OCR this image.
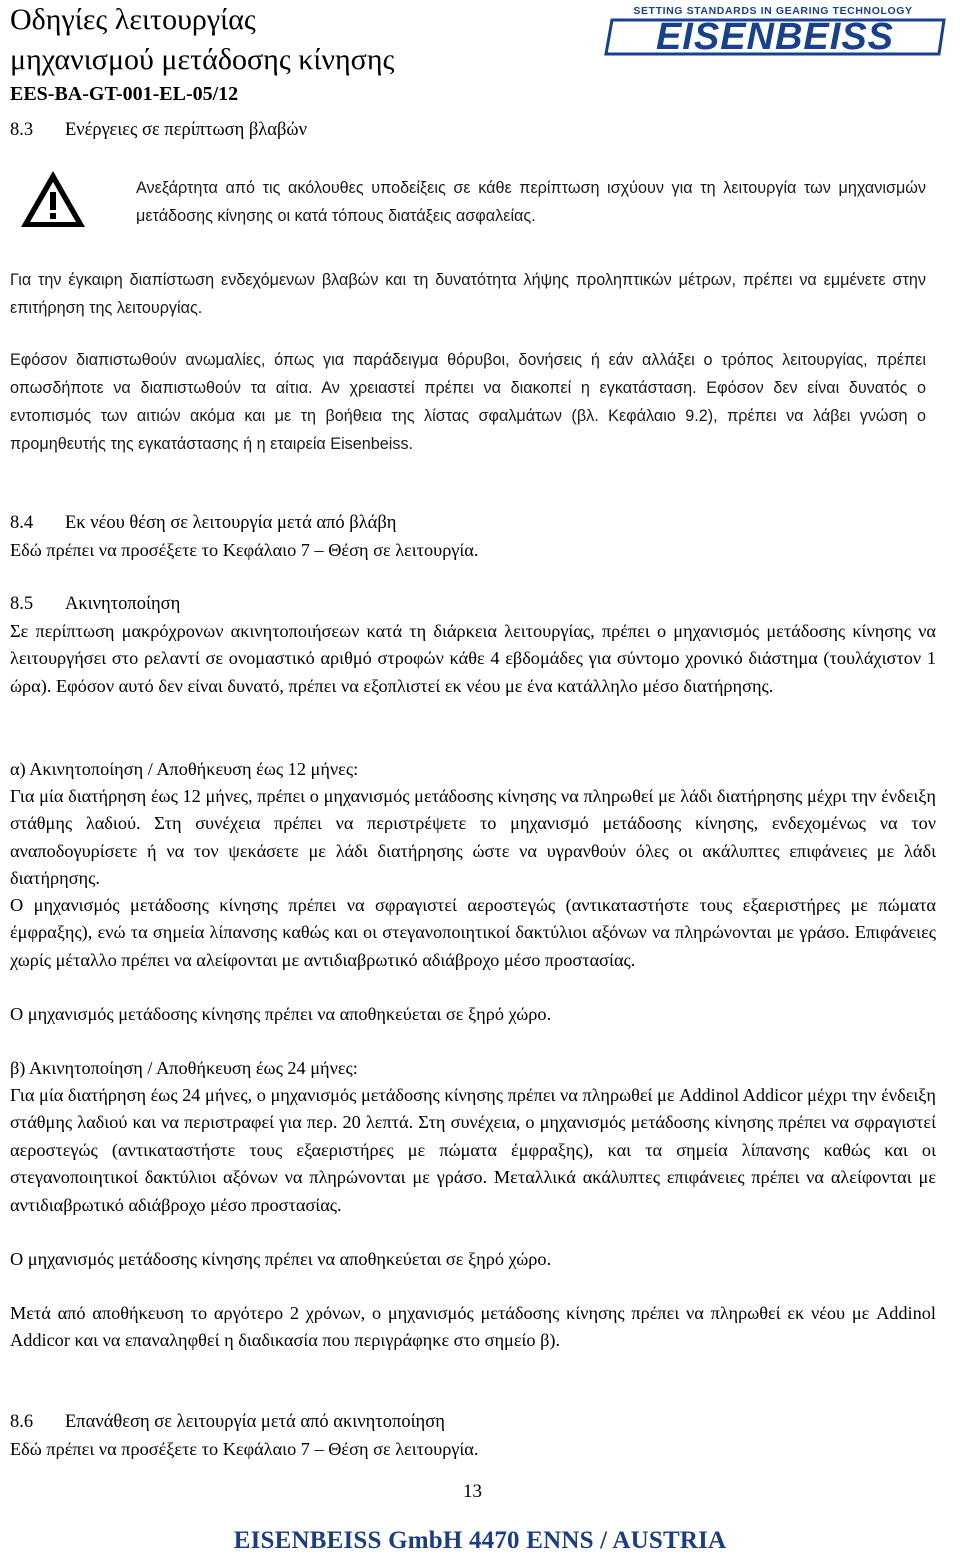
Οδηγίες λειτουργίας
μηχανισμού μετάδοσης κίνησης
EES-BA-GT-001-EL-05/12
SETTING STANDARDS IN GEARING TECHNOLOGY
EISENBEISS
8.3 Ενέργειες σε περίπτωση βλαβών
Ανεξάρτητα από τις ακόλουθες υποδείξεις σε κάθε περίπτωση ισχύουν για τη λειτουργία των μηχανισμών μετάδοσης κίνησης οι κατά τόπους διατάξεις ασφαλείας.
Για την έγκαιρη διαπίστωση ενδεχόμενων βλαβών και τη δυνατότητα λήψης προληπτικών μέτρων, πρέπει να εμμένετε στην επιτήρηση της λειτουργίας.
Εφόσον διαπιστωθούν ανωμαλίες, όπως για παράδειγμα θόρυβοι, δονήσεις ή εάν αλλάξει ο τρόπος λειτουργίας, πρέπει οπωσδήποτε να διαπιστωθούν τα αίτια. Αν χρειαστεί πρέπει να διακοπεί η εγκατάσταση. Εφόσον δεν είναι δυνατός ο εντοπισμός των αιτιών ακόμα και με τη βοήθεια της λίστας σφαλμάτων (βλ. Κεφάλαιο 9.2), πρέπει να λάβει γνώση ο προμηθευτής της εγκατάστασης ή η εταιρεία Eisenbeiss.
8.4 Εκ νέου θέση σε λειτουργία μετά από βλάβη
Εδώ πρέπει να προσέξετε το Κεφάλαιο 7 – Θέση σε λειτουργία.
8.5 Ακινητοποίηση
Σε περίπτωση μακρόχρονων ακινητοποιήσεων κατά τη διάρκεια λειτουργίας, πρέπει ο μηχανισμός μετάδοσης κίνησης να λειτουργήσει στο ρελαντί σε ονομαστικό αριθμό στροφών κάθε 4 εβδομάδες για σύντομο χρονικό διάστημα (τουλάχιστον 1 ώρα). Εφόσον αυτό δεν είναι δυνατό, πρέπει να εξοπλιστεί εκ νέου με ένα κατάλληλο μέσο διατήρησης.
α) Ακινητοποίηση / Αποθήκευση έως 12 μήνες:
Για μία διατήρηση έως 12 μήνες, πρέπει ο μηχανισμός μετάδοσης κίνησης να πληρωθεί με λάδι διατήρησης μέχρι την ένδειξη στάθμης λαδιού. Στη συνέχεια πρέπει να περιστρέψετε το μηχανισμό μετάδοσης κίνησης, ενδεχομένως να τον αναποδογυρίσετε ή να τον ψεκάσετε με λάδι διατήρησης ώστε να υγρανθούν όλες οι ακάλυπτες επιφάνειες με λάδι διατήρησης.
Ο μηχανισμός μετάδοσης κίνησης πρέπει να σφραγιστεί αεροστεγώς (αντικαταστήστε τους εξαεριστήρες με πώματα έμφραξης), ενώ τα σημεία λίπανσης καθώς και οι στεγανοποιητικοί δακτύλιοι αξόνων να πληρώνονται με γράσο. Επιφάνειες χωρίς μέταλλο πρέπει να αλείφονται με αντιδιαβρωτικό αδιάβροχο μέσο προστασίας.
Ο μηχανισμός μετάδοσης κίνησης πρέπει να αποθηκεύεται σε ξηρό χώρο.
β) Ακινητοποίηση / Αποθήκευση έως 24 μήνες:
Για μία διατήρηση έως 24 μήνες, ο μηχανισμός μετάδοσης κίνησης πρέπει να πληρωθεί με Addinol Addicor μέχρι την ένδειξη στάθμης λαδιού και να περιστραφεί για περ. 20 λεπτά. Στη συνέχεια, ο μηχανισμός μετάδοσης κίνησης πρέπει να σφραγιστεί αεροστεγώς (αντικαταστήστε τους εξαεριστήρες με πώματα έμφραξης), και τα σημεία λίπανσης καθώς και οι στεγανοποιητικοί δακτύλιοι αξόνων να πληρώνονται με γράσο. Μεταλλικά ακάλυπτες επιφάνειες πρέπει να αλείφονται με αντιδιαβρωτικό αδιάβροχο μέσο προστασίας.
Ο μηχανισμός μετάδοσης κίνησης πρέπει να αποθηκεύεται σε ξηρό χώρο.
Μετά από αποθήκευση το αργότερο 2 χρόνων, ο μηχανισμός μετάδοσης κίνησης πρέπει να πληρωθεί εκ νέου με Addinol Addicor και να επαναληφθεί η διαδικασία που περιγράφηκε στο σημείο β).
8.6 Επανάθεση σε λειτουργία μετά από ακινητοποίηση
Εδώ πρέπει να προσέξετε το Κεφάλαιο 7 – Θέση σε λειτουργία.
13
EISENBEISS GmbH 4470 ENNS / AUSTRIA
